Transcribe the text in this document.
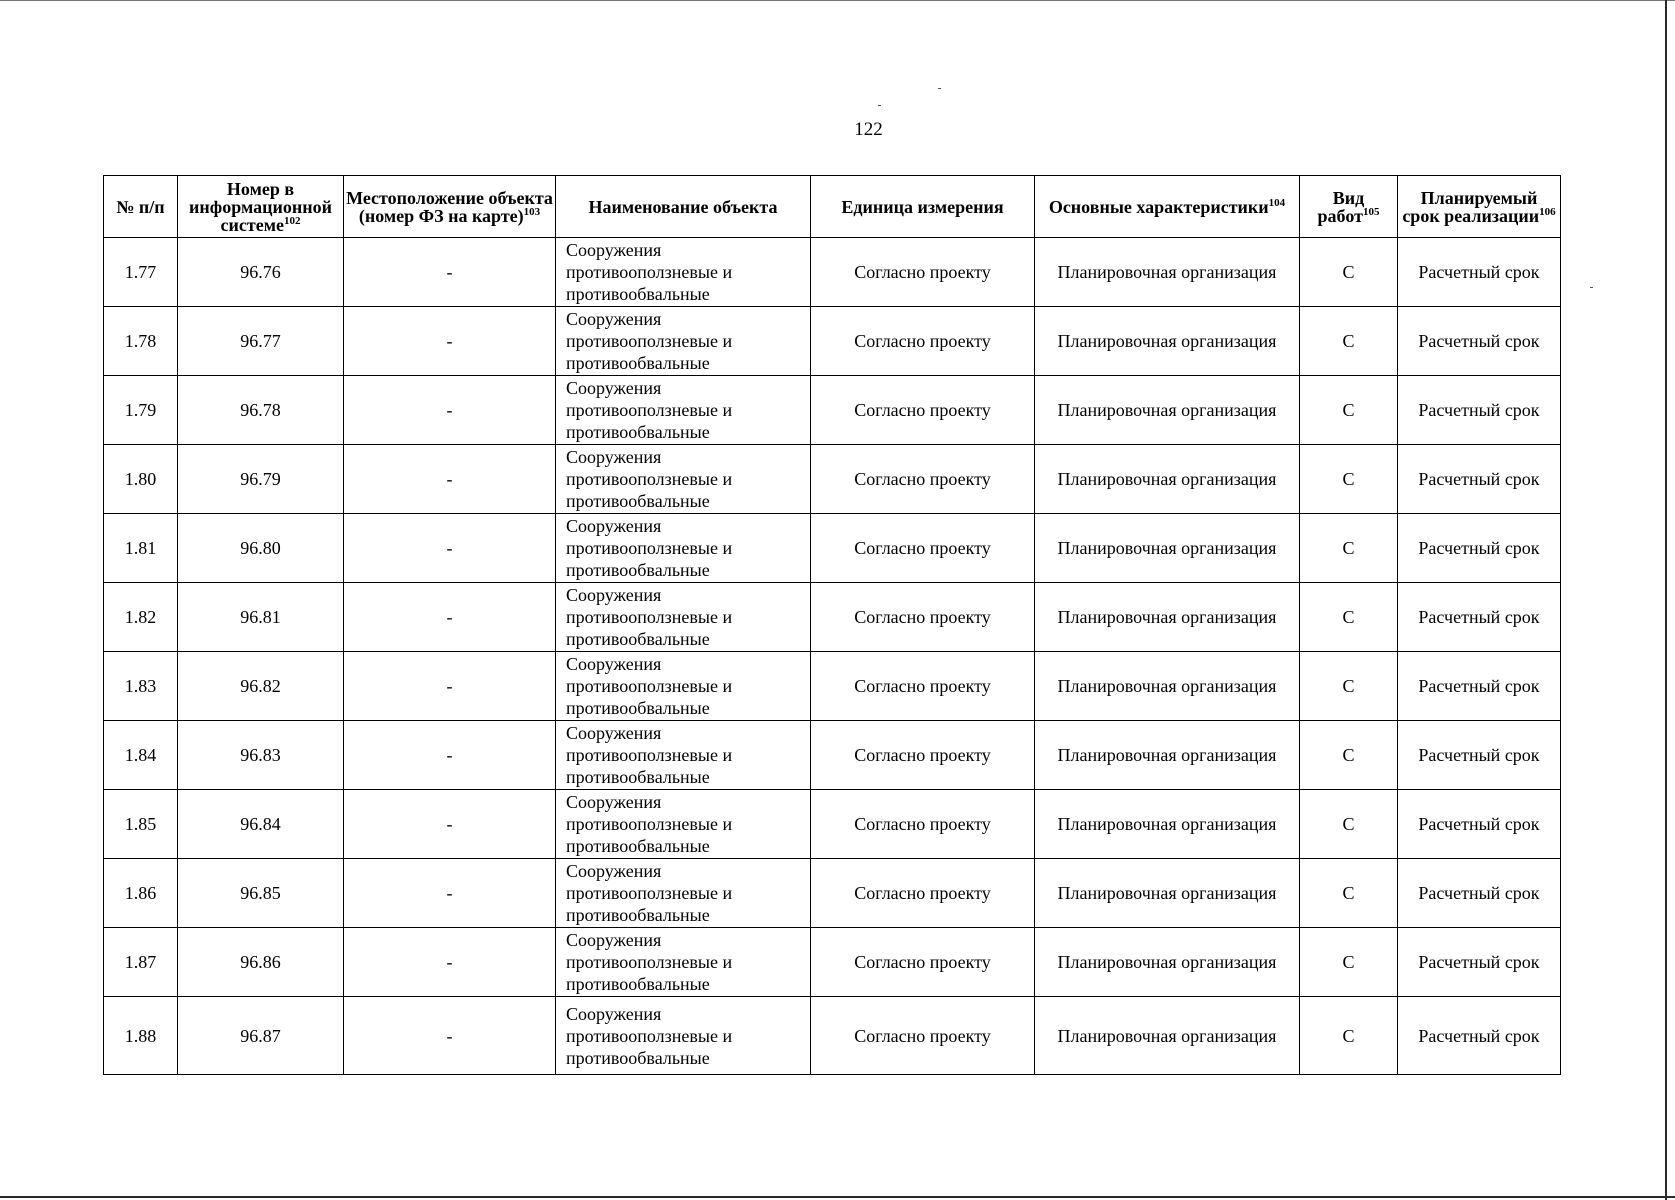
122
№ п/п	Номер в информационной системе$^{102}$	Местоположение объекта (номер ФЗ на карте)$^{103}$	Наименование объекта	Единица измерения	Основные характеристики$^{104}$	Вид работ$^{105}$	Планируемый срок реализации$^{106}$
1.77	96.76	-	Сооружения
противооползневые и
противообвальные	Согласно проекту	Планировочная организация	С	Расчетный срок
1.78	96.77	-	Сооружения
противооползневые и
противообвальные	Согласно проекту	Планировочная организация	С	Расчетный срок
1.79	96.78	-	Сооружения
противооползневые и
противообвальные	Согласно проекту	Планировочная организация	С	Расчетный срок
1.80	96.79	-	Сооружения
противооползневые и
противообвальные	Согласно проекту	Планировочная организация	С	Расчетный срок
1.81	96.80	-	Сооружения
противооползневые и
противообвальные	Согласно проекту	Планировочная организация	С	Расчетный срок
1.82	96.81	-	Сооружения
противооползневые и
противообвальные	Согласно проекту	Планировочная организация	С	Расчетный срок
1.83	96.82	-	Сооружения
противооползневые и
противообвальные	Согласно проекту	Планировочная организация	С	Расчетный срок
1.84	96.83	-	Сооружения
противооползневые и
противообвальные	Согласно проекту	Планировочная организация	С	Расчетный срок
1.85	96.84	-	Сооружения
противооползневые и
противообвальные	Согласно проекту	Планировочная организация	С	Расчетный срок
1.86	96.85	-	Сооружения
противооползневые и
противообвальные	Согласно проекту	Планировочная организация	С	Расчетный срок
1.87	96.86	-	Сооружения
противооползневые и
противообвальные	Согласно проекту	Планировочная организация	С	Расчетный срок
1.88	96.87	-	Сооружения
противооползневые и
противообвальные	Согласно проекту	Планировочная организация	С	Расчетный срок
